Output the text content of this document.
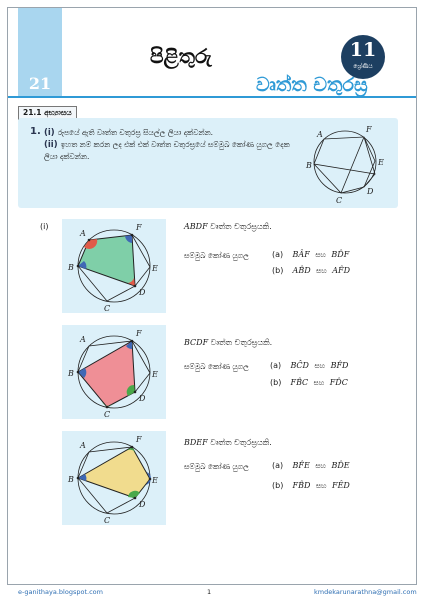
21
පිළිතුරු	11
ශ්‍රේණිය
වෘත්ත චතුරස්‍ර
21.1 අභ්‍යාසය
1. (i) රූපයේ ඇති වෘත්ත චතුරස්‍ර සියල්ල ලියා දක්වන්න.
(ii) ඉහත නම් කරන ලද එක් එක් වෘත්ත චතුරස්‍රයේ සම්මුඛ කෝණ යුගල දෙක ලියා දක්වන්න.
A
B
C
D
E
F
(i)
A
B
C
D
E
F	ABDF වෘත්ත චතුරස්‍රයකි.
සම්මුඛ කෝණ යුගල	(a) BÂF සහ BD̂F
(b) AB̂D සහ AF̂D
A
B
C
D
E
F
BCDF වෘත්ත චතුරස්‍රයකි.
සම්මුඛ කෝණ යුගල	(a) BĈD සහ BF̂D
(b) FB̂C සහ FD̂C
A
B
C
D
E
F	BDEF වෘත්ත චතුරස්‍රයකි.
සම්මුඛ කෝණ යුගල	(a) BF̂E සහ BD̂E
(b) FB̂D සහ FÊD
e-ganithaya.blogspot.com	1	kmdekarunarathna@gmail.com
